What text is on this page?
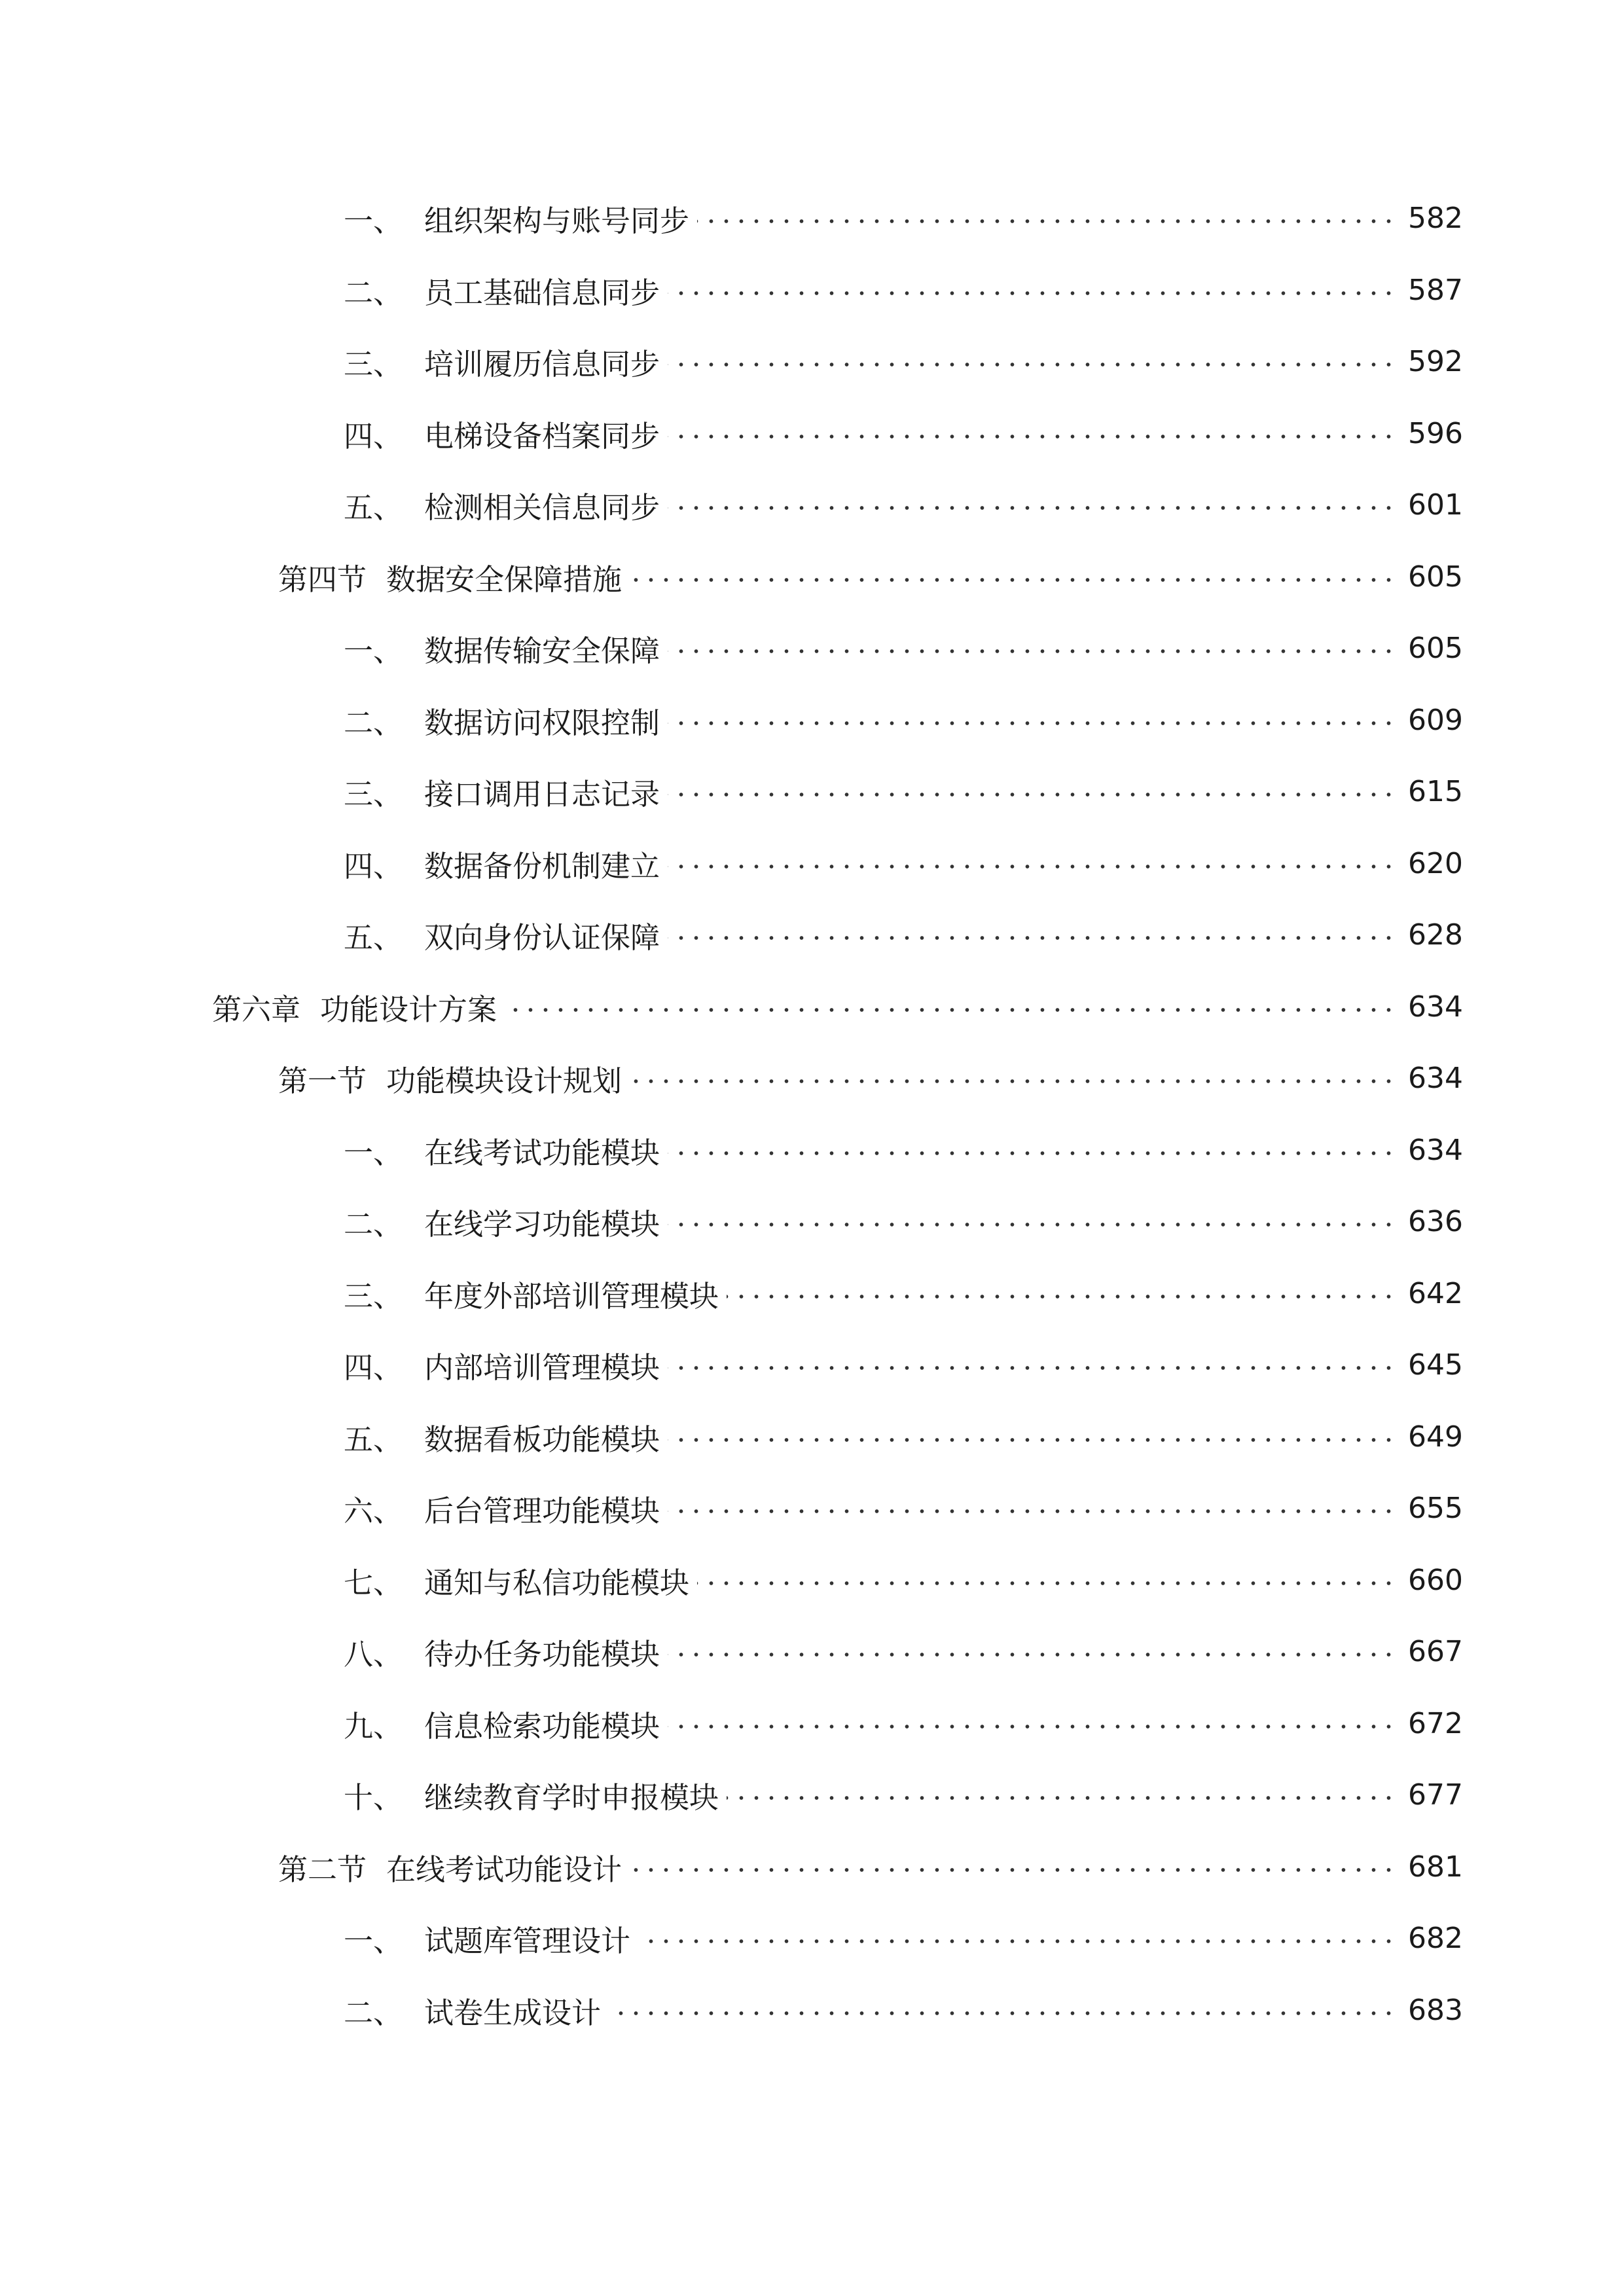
一、 组织架构与账号同步	582
二、 员工基础信息同步	587
三、 培训履历信息同步	592
四、 电梯设备档案同步	596
五、 检测相关信息同步	601
第四节 数据安全保障措施	605
一、 数据传输安全保障	605
二、 数据访问权限控制	609
三、 接口调用日志记录	615
四、 数据备份机制建立	620
五、 双向身份认证保障	628
第六章 功能设计方案	634
第一节 功能模块设计规划	634
一、 在线考试功能模块	634
二、 在线学习功能模块	636
三、 年度外部培训管理模块	642
四、 内部培训管理模块	645
五、 数据看板功能模块	649
六、 后台管理功能模块	655
七、 通知与私信功能模块	660
八、 待办任务功能模块	667
九、 信息检索功能模块	672
十、 继续教育学时申报模块	677
第二节 在线考试功能设计	681
一、 试题库管理设计	682
二、 试卷生成设计	683
